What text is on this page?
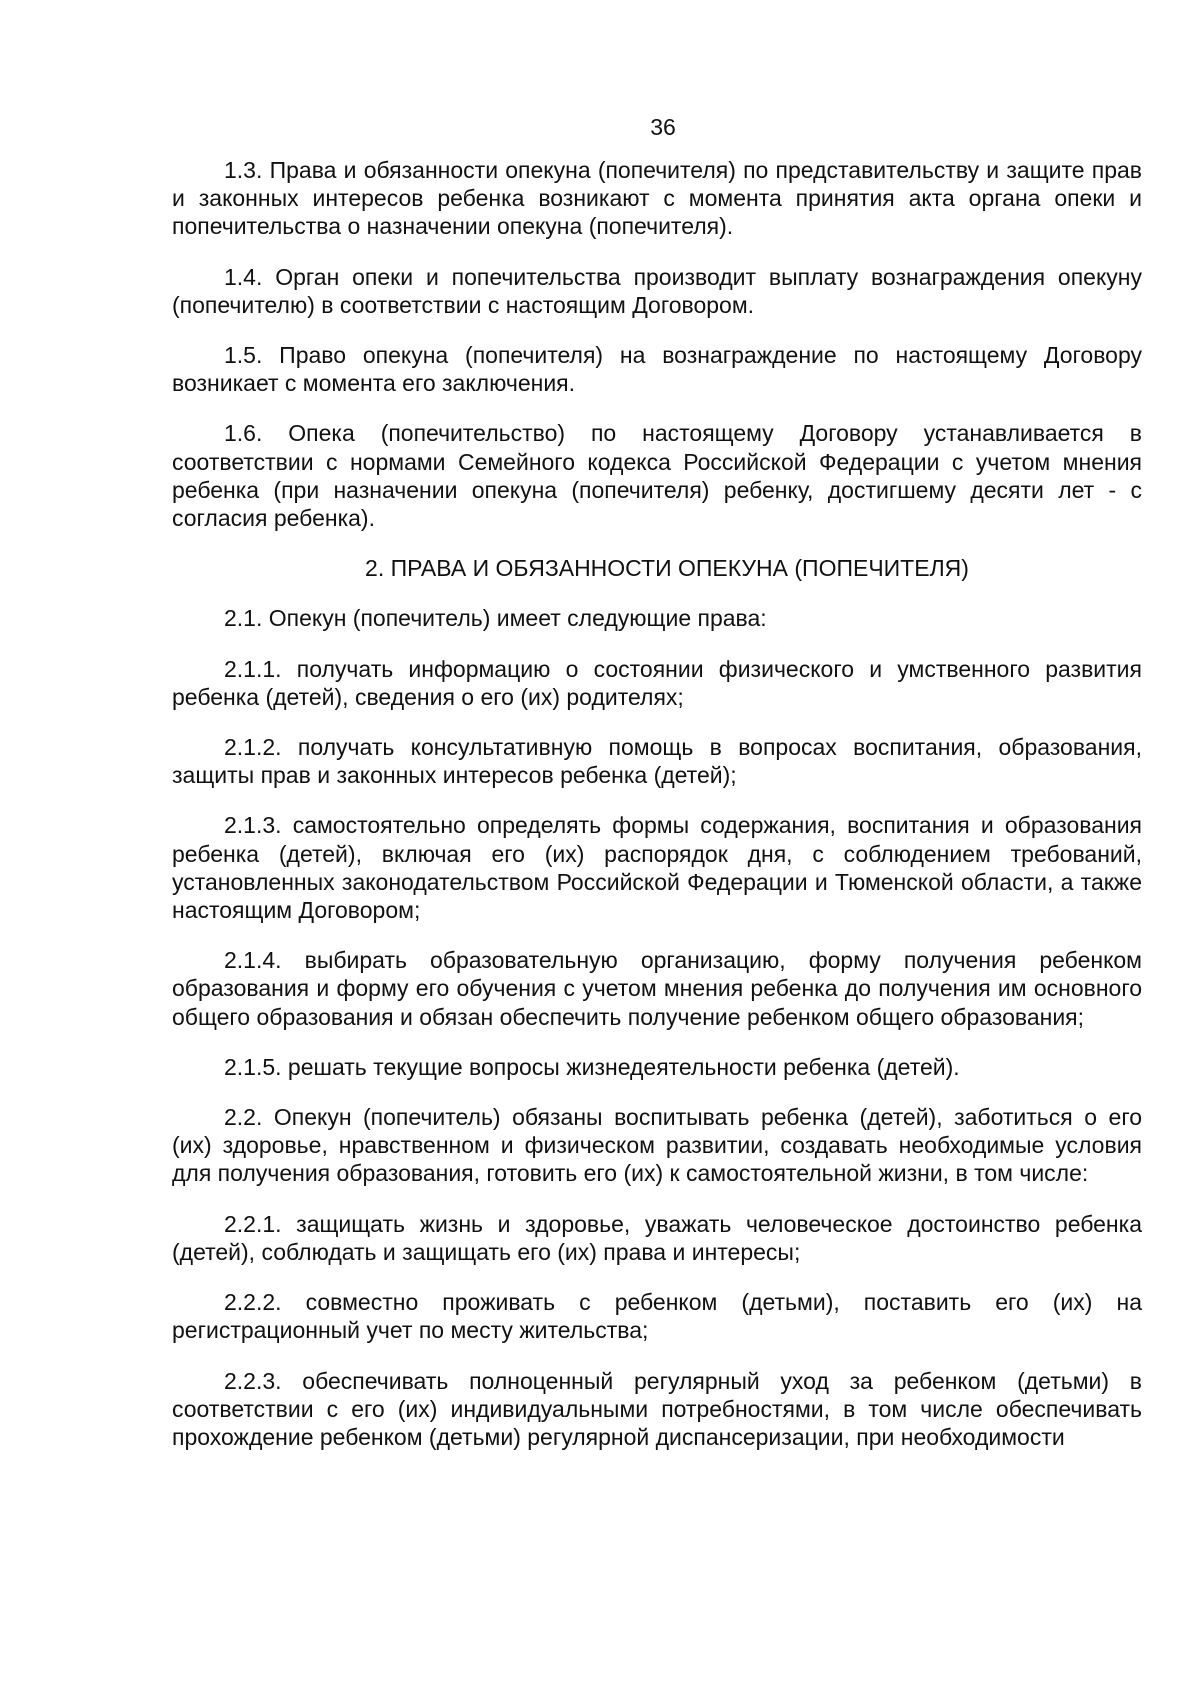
36

1.3. Права и обязанности опекуна (попечителя) по представительству и защите прав и законных интересов ребенка возникают с момента принятия акта органа опеки и попечительства о назначении опекуна (попечителя).

1.4. Орган опеки и попечительства производит выплату вознаграждения опекуну (попечителю) в соответствии с настоящим Договором.

1.5. Право опекуна (попечителя) на вознаграждение по настоящему Договору возникает с момента его заключения.

1.6. Опека (попечительство) по настоящему Договору устанавливается в соответствии с нормами Семейного кодекса Российской Федерации с учетом мнения ребенка (при назначении опекуна (попечителя) ребенку, достигшему десяти лет - с согласия ребенка).

2. ПРАВА И ОБЯЗАННОСТИ ОПЕКУНА (ПОПЕЧИТЕЛЯ)

2.1. Опекун (попечитель) имеет следующие права:

2.1.1. получать информацию о состоянии физического и умственного развития ребенка (детей), сведения о его (их) родителях;

2.1.2. получать консультативную помощь в вопросах воспитания, образования, защиты прав и законных интересов ребенка (детей);

2.1.3. самостоятельно определять формы содержания, воспитания и образования ребенка (детей), включая его (их) распорядок дня, с соблюдением требований, установленных законодательством Российской Федерации и Тюменской области, а также настоящим Договором;

2.1.4. выбирать образовательную организацию, форму получения ребенком образования и форму его обучения с учетом мнения ребенка до получения им основного общего образования и обязан обеспечить получение ребенком общего образования;

2.1.5. решать текущие вопросы жизнедеятельности ребенка (детей).

2.2. Опекун (попечитель) обязаны воспитывать ребенка (детей), заботиться о его (их) здоровье, нравственном и физическом развитии, создавать необходимые условия для получения образования, готовить его (их) к самостоятельной жизни, в том числе:

2.2.1. защищать жизнь и здоровье, уважать человеческое достоинство ребенка (детей), соблюдать и защищать его (их) права и интересы;

2.2.2. совместно проживать с ребенком (детьми), поставить его (их) на регистрационный учет по месту жительства;

2.2.3. обеспечивать полноценный регулярный уход за ребенком (детьми) в соответствии с его (их) индивидуальными потребностями, в том числе обеспечивать прохождение ребенком (детьми) регулярной диспансеризации, при необходимости
